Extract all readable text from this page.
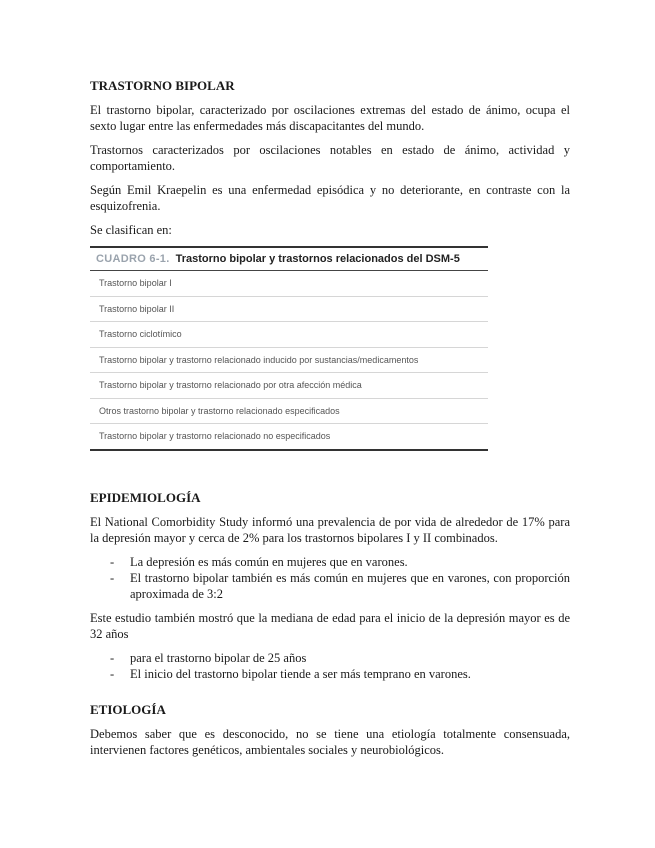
TRASTORNO BIPOLAR

El trastorno bipolar, caracterizado por oscilaciones extremas del estado de ánimo, ocupa el sexto lugar entre las enfermedades más discapacitantes del mundo.

Trastornos caracterizados por oscilaciones notables en estado de ánimo, actividad y comportamiento.

Según Emil Kraepelin es una enfermedad episódica y no deteriorante, en contraste con la esquizofrenia.

Se clasifican en:

CUADRO 6-1. Trastorno bipolar y trastornos relacionados del DSM-5
Trastorno bipolar I
Trastorno bipolar II
Trastorno ciclotímico
Trastorno bipolar y trastorno relacionado inducido por sustancias/medicamentos
Trastorno bipolar y trastorno relacionado por otra afección médica
Otros trastorno bipolar y trastorno relacionado especificados
Trastorno bipolar y trastorno relacionado no especificados
EPIDEMIOLOGÍA

El National Comorbidity Study informó una prevalencia de por vida de alrededor de 17% para la depresión mayor y cerca de 2% para los trastornos bipolares I y II combinados.

- La depresión es más común en mujeres que en varones.
- El trastorno bipolar también es más común en mujeres que en varones, con proporción aproximada de 3:2

Este estudio también mostró que la mediana de edad para el inicio de la depresión mayor es de 32 años

- para el trastorno bipolar de 25 años
- El inicio del trastorno bipolar tiende a ser más temprano en varones.
ETIOLOGÍA

Debemos saber que es desconocido, no se tiene una etiología totalmente consensuada, intervienen factores genéticos, ambientales sociales y neurobiológicos.
